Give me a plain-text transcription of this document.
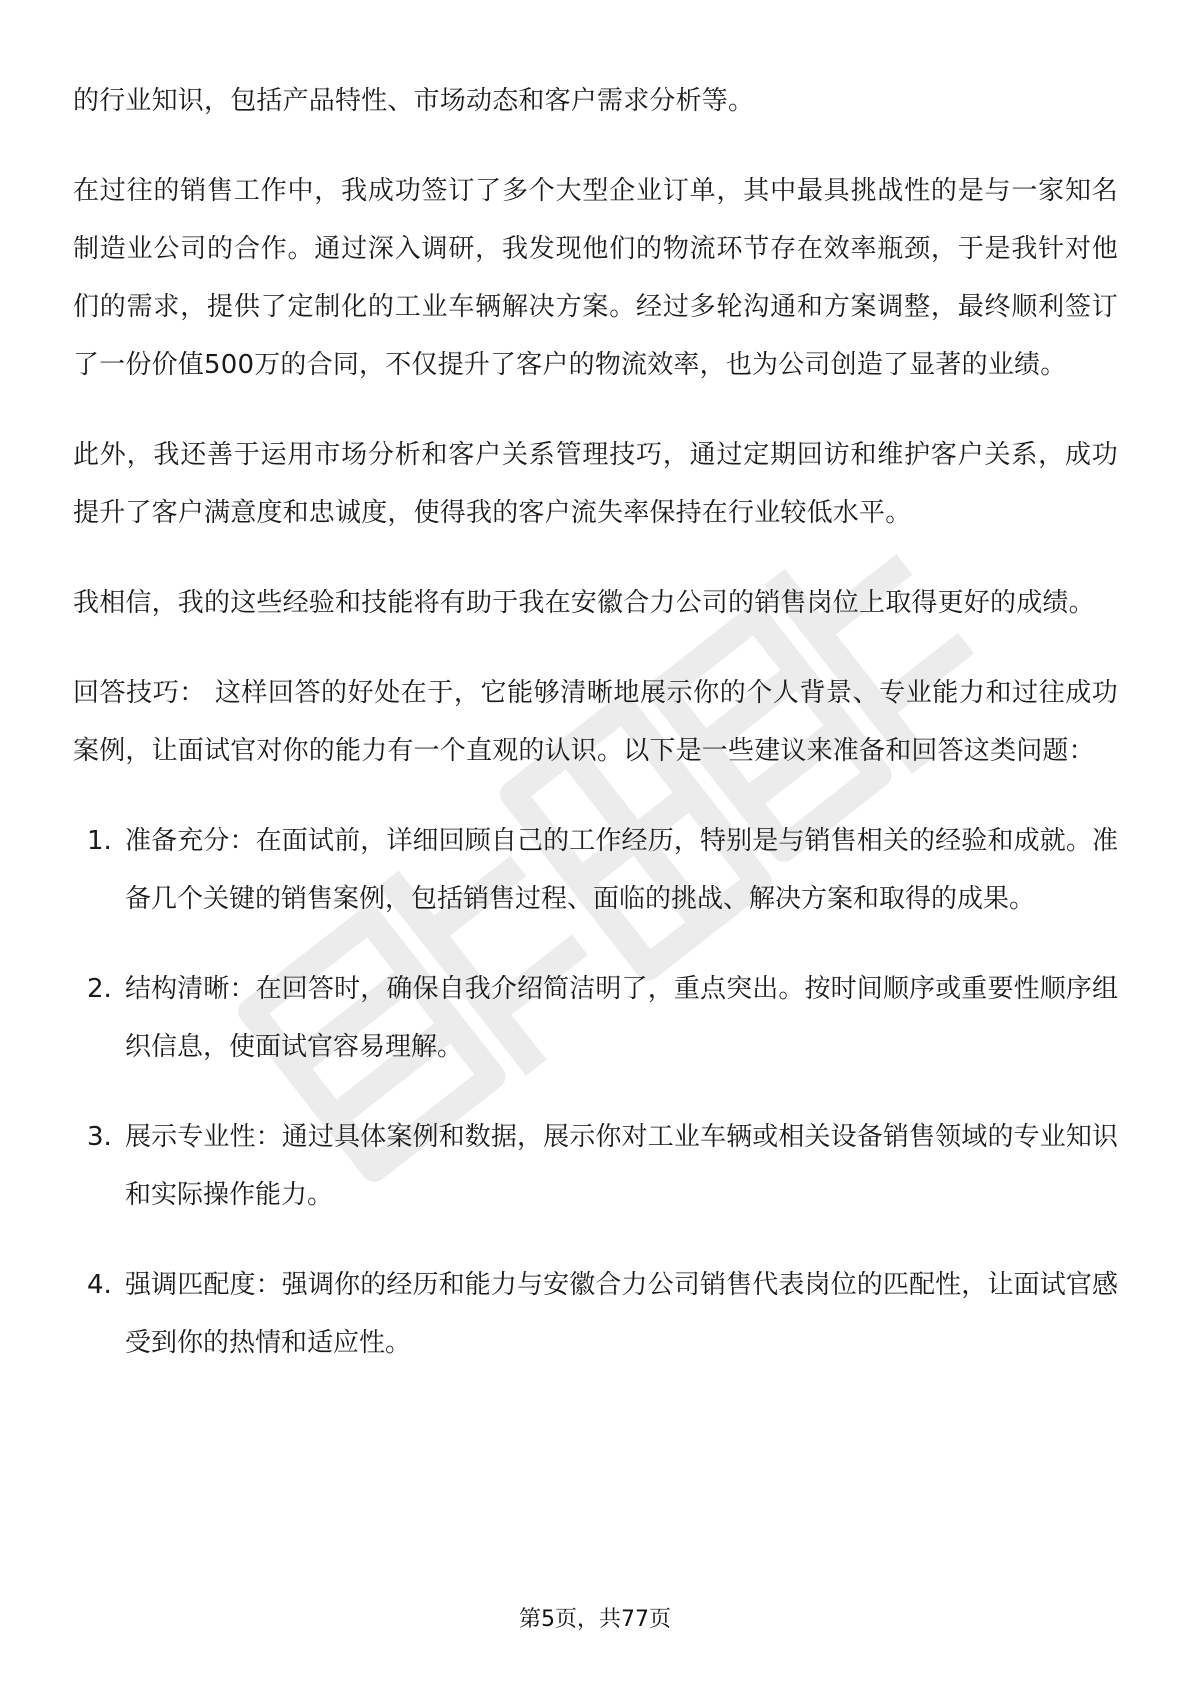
的行业知识，包括产品特性、市场动态和客户需求分析等。

在过往的销售工作中，我成功签订了多个大型企业订单，其中最具挑战性的是与一家知名制造业公司的合作。通过深入调研，我发现他们的物流环节存在效率瓶颈，于是我针对他们的需求，提供了定制化的工业车辆解决方案。经过多轮沟通和方案调整，最终顺利签订了一份价值500万的合同，不仅提升了客户的物流效率，也为公司创造了显著的业绩。

此外，我还善于运用市场分析和客户关系管理技巧，通过定期回访和维护客户关系，成功提升了客户满意度和忠诚度，使得我的客户流失率保持在行业较低水平。

我相信，我的这些经验和技能将有助于我在安徽合力公司的销售岗位上取得更好的成绩。

回答技巧： 这样回答的好处在于，它能够清晰地展示你的个人背景、专业能力和过往成功案例，让面试官对你的能力有一个直观的认识。以下是一些建议来准备和回答这类问题：

1. 准备充分：在面试前，详细回顾自己的工作经历，特别是与销售相关的经验和成就。准备几个关键的销售案例，包括销售过程、面临的挑战、解决方案和取得的成果。
2. 结构清晰：在回答时，确保自我介绍简洁明了，重点突出。按时间顺序或重要性顺序组织信息，使面试官容易理解。
3. 展示专业性：通过具体案例和数据，展示你对工业车辆或相关设备销售领域的专业知识和实际操作能力。
4. 强调匹配度：强调你的经历和能力与安徽合力公司销售代表岗位的匹配性，让面试官感受到你的热情和适应性。
第5页，共77页
